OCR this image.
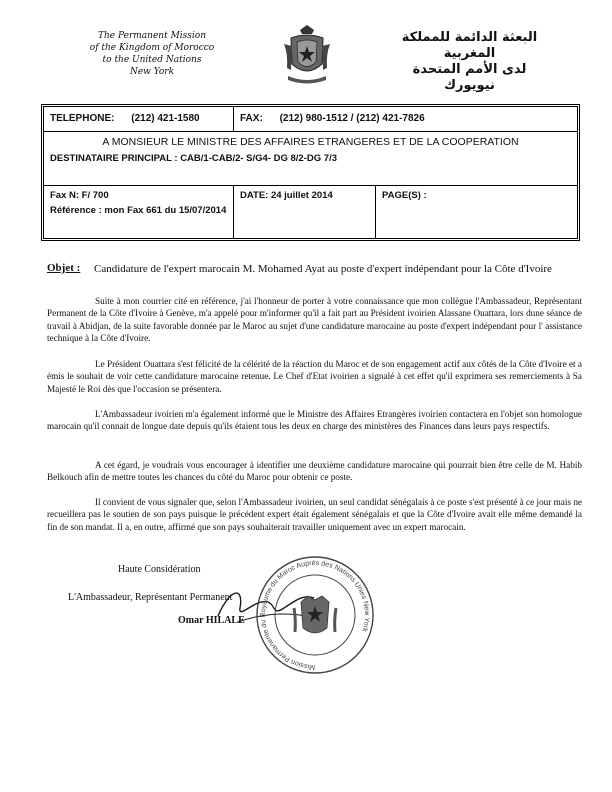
The Permanent Mission
of the Kingdom of Morocco
to the United Nations
New York
البعثة الدائمة للمملكة المغربية
لدى الأمم المتحدة
نيويورك
TELEPHONE: (212) 421-1580	FAX: (212) 980-1512 / (212) 421-7826
A MONSIEUR LE MINISTRE DES AFFAIRES ETRANGERES ET DE LA COOPERATION
DESTINATAIRE PRINCIPAL : CAB/1-CAB/2- S/G4- DG 8/2-DG 7/3
Fax N: F/ 700
Référence : mon Fax 661 du 15/07/2014
DATE: 24 juillet 2014	PAGE(S) :
Objet : Candidature de l'expert marocain M. Mohamed Ayat au poste d'expert indépendant pour la Côte d'Ivoire
Suite à mon courrier cité en référence, j'ai l'honneur de porter à votre connaissance que mon collègue l'Ambassadeur, Représentant Permanent de la Côte d'Ivoire à Genève, m'a appelé pour m'informer qu'il a fait part au Président ivoirien Alassane Ouattara, lors dune séance de travail à Abidjan, de la suite favorable donnée par le Maroc au sujet d'une candidature marocaine au poste d'expert indépendant pour l' assistance technique à la Côte d'Ivoire.
Le Président Ouattara s'est félicité de la célérité de la réaction du Maroc et de son engagement actif aux côtés de la Côte d'Ivoire et a émis le souhait de voir cette candidature marocaine retenue. Le Chef d'Etat ivoirien a signalé à cet effet qu'il exprimera ses remerciements à Sa Majesté le Roi dès que l'occasion se présentera.
L'Ambassadeur ivoirien m'a également informé que le Ministre des Affaires Etrangères ivoirien contactera en l'objet son homologue marocain qu'il connait de longue date depuis qu'ils étaient tous les deux en charge des ministères des Finances dans leurs pays respectifs.
A cet égard, je voudrais vous encourager à identifier une deuxième candidature marocaine qui pourrait bien être celle de M. Habib Belkouch afin de mettre toutes les chances du côté du Maroc pour obtenir ce poste.
Il convient de vous signaler que, selon l'Ambassadeur ivoirien, un seul candidat sénégalais à ce poste s'est présenté à ce jour mais ne recueillera pas le soutien de son pays puisque le précédent expert était également sénégalais et que la Côte d'Ivoire avait elle même demandé la fin de son mandat. Il a, en outre, affirmé que son pays souhaiterait travailler uniquement avec un expert marocain.
Haute Considération
L'Ambassadeur, Représentant Permanent
Omar HILALE
Mission Permanente du Royaume du Maroc Auprès des Nations Unies New York
